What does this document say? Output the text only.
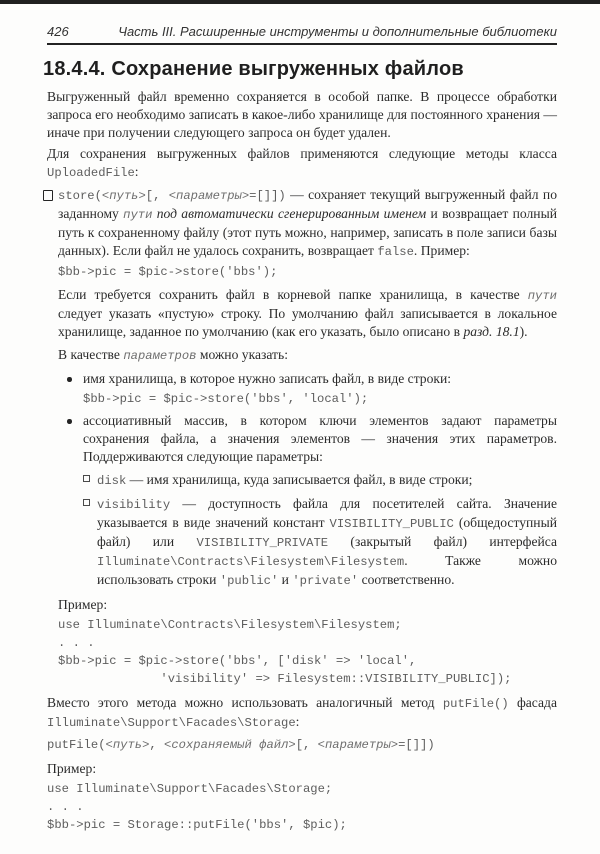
426	Часть III. Расширенные инструменты и дополнительные библиотеки
18.4.4. Сохранение выгруженных файлов

Выгруженный файл временно сохраняется в особой папке. В процессе обработки запроса его необходимо записать в какое-либо хранилище для постоянного хранения — иначе при получении следующего запроса он будет удален.

Для сохранения выгруженных файлов применяются следующие методы класса UploadedFile:

store(<путь>[, <параметры>=[]]) — сохраняет текущий выгруженный файл по заданному пути под автоматически сгенерированным именем и возвращает полный путь к сохраненному файлу (этот путь можно, например, записать в поле записи базы данных). Если файл не удалось сохранить, возвращает false. Пример:

$bb->pic = $pic->store('bbs');

Если требуется сохранить файл в корневой папке хранилища, в качестве пути следует указать «пустую» строку. По умолчанию файл записывается в локальное хранилище, заданное по умолчанию (как его указать, было описано в разд. 18.1).

В качестве параметров можно указать:

имя хранилища, в которое нужно записать файл, в виде строки:

$bb->pic = $pic->store('bbs', 'local');

ассоциативный массив, в котором ключи элементов задают параметры сохранения файла, а значения элементов — значения этих параметров. Поддерживаются следующие параметры:

disk — имя хранилища, куда записывается файл, в виде строки;

visibility — доступность файла для посетителей сайта. Значение указывается в виде значений констант VISIBILITY_PUBLIC (общедоступный файл) или VISIBILITY_PRIVATE (закрытый файл) интерфейса Illuminate\Contracts\Filesystem\Filesystem. Также можно использовать строки 'public' и 'private' соответственно.

Пример:

use Illuminate\Contracts\Filesystem\Filesystem;
. . .
$bb->pic = $pic->store('bbs', ['disk' => 'local',
'visibility' => Filesystem::VISIBILITY_PUBLIC]);

Вместо этого метода можно использовать аналогичный метод putFile() фасада Illuminate\Support\Facades\Storage:

putFile(<путь>, <сохраняемый файл>[, <параметры>=[]])

Пример:

use Illuminate\Support\Facades\Storage;
. . .
$bb->pic = Storage::putFile('bbs', $pic);
